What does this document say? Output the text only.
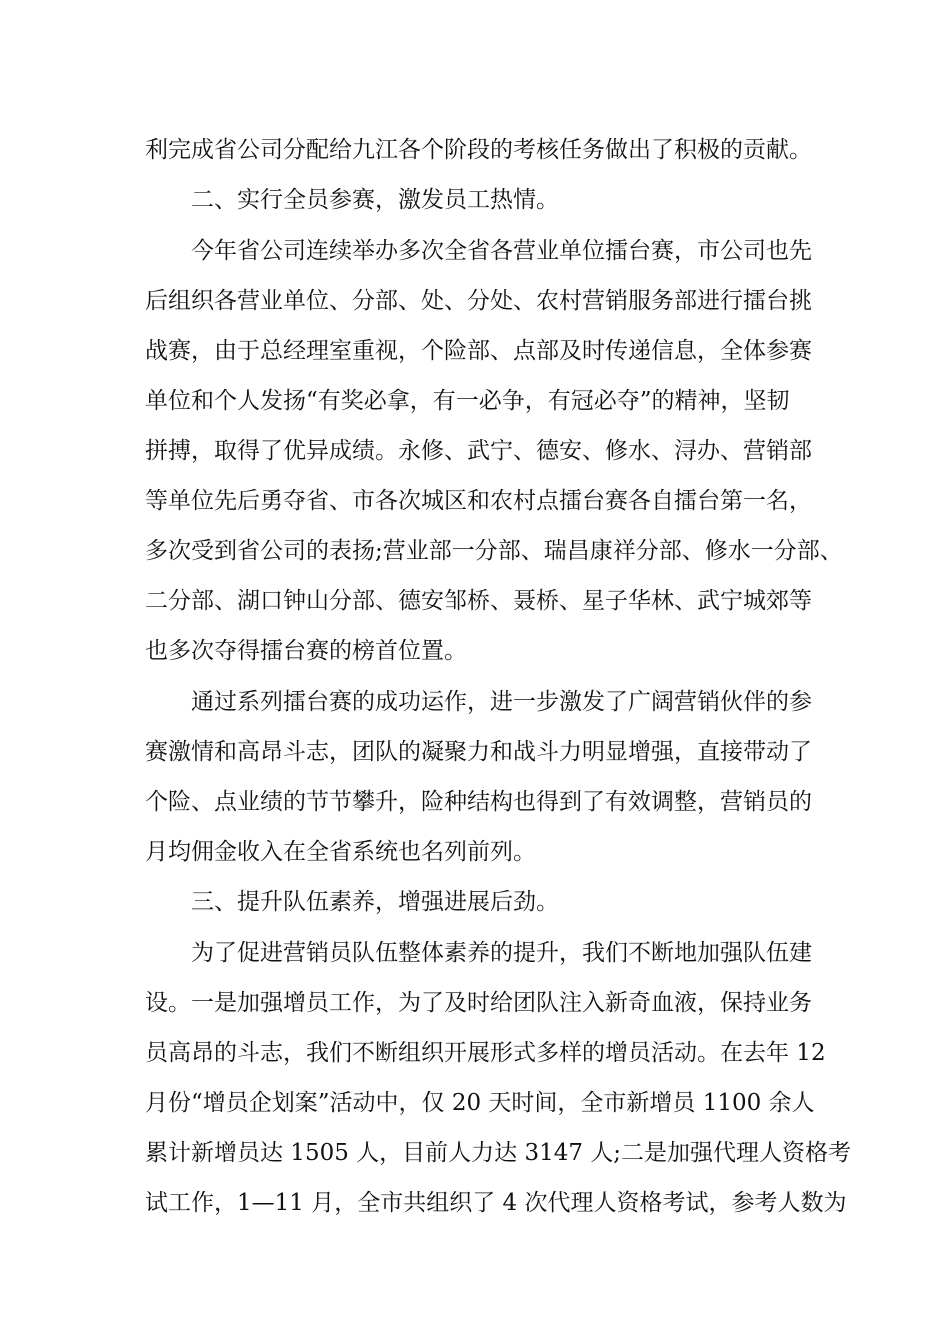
利完成省公司分配给九江各个阶段的考核任务做出了积极的贡献。
二、实行全员参赛，激发员工热情。
今年省公司连续举办多次全省各营业单位擂台赛，市公司也先
后组织各营业单位、分部、处、分处、农村营销服务部进行擂台挑
战赛，由于总经理室重视，个险部、点部及时传递信息，全体参赛
单位和个人发扬“有奖必拿，有一必争，有冠必夺”的精神，坚韧
拼搏，取得了优异成绩。永修、武宁、德安、修水、浔办、营销部
等单位先后勇夺省、市各次城区和农村点擂台赛各自擂台第一名，
多次受到省公司的表扬;营业部一分部、瑞昌康祥分部、修水一分部、
二分部、湖口钟山分部、德安邹桥、聂桥、星子华林、武宁城郊等
也多次夺得擂台赛的榜首位置。
通过系列擂台赛的成功运作，进一步激发了广阔营销伙伴的参
赛激情和高昂斗志，团队的凝聚力和战斗力明显增强，直接带动了
个险、点业绩的节节攀升，险种结构也得到了有效调整，营销员的
月均佣金收入在全省系统也名列前列。
三、提升队伍素养，增强进展后劲。
为了促进营销员队伍整体素养的提升，我们不断地加强队伍建
设。一是加强增员工作，为了及时给团队注入新奇血液，保持业务
员高昂的斗志，我们不断组织开展形式多样的增员活动。在去年 12
月份“增员企划案”活动中，仅 20 天时间，全市新增员 1100 余人
累计新增员达 1505 人，目前人力达 3147 人;二是加强代理人资格考
试工作，1—11 月，全市共组织了 4 次代理人资格考试，参考人数为
